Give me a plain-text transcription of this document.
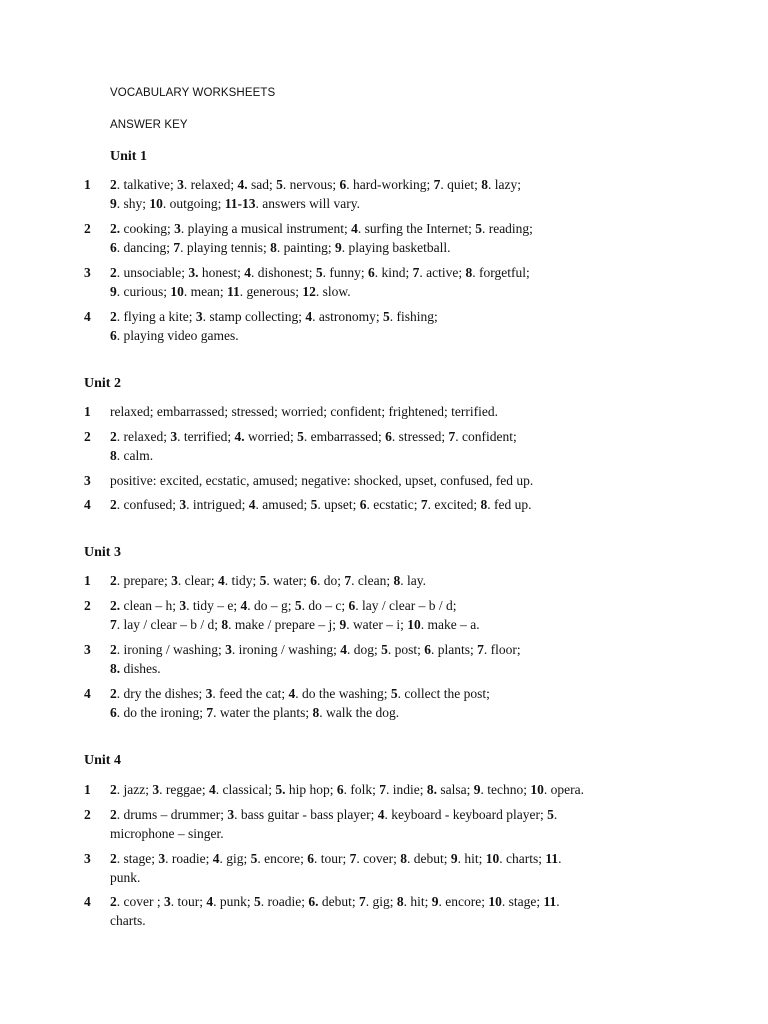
VOCABULARY WORKSHEETS
ANSWER KEY
Unit 1
1 2. talkative; 3. relaxed; 4. sad; 5. nervous; 6. hard-working; 7. quiet; 8. lazy;
9. shy; 10. outgoing; 11-13. answers will vary.
2 2. cooking; 3. playing a musical instrument; 4. surfing the Internet; 5. reading;
6. dancing; 7. playing tennis; 8. painting; 9. playing basketball.
3 2. unsociable; 3. honest; 4. dishonest; 5. funny; 6. kind; 7. active; 8. forgetful;
9. curious; 10. mean; 11. generous; 12. slow.
4 2. flying a kite; 3. stamp collecting; 4. astronomy; 5. fishing;
6. playing video games.
Unit 2
1 relaxed; embarrassed; stressed; worried; confident; frightened; terrified.
2 2. relaxed; 3. terrified; 4. worried; 5. embarrassed; 6. stressed; 7. confident;
8. calm.
3 positive: excited, ecstatic, amused; negative: shocked, upset, confused, fed up.
4 2. confused; 3. intrigued; 4. amused; 5. upset; 6. ecstatic; 7. excited; 8. fed up.
Unit 3
1 2. prepare; 3. clear; 4. tidy; 5. water; 6. do; 7. clean; 8. lay.
2 2. clean – h; 3. tidy – e; 4. do – g; 5. do – c; 6. lay / clear – b / d;
7. lay / clear – b / d; 8. make / prepare – j; 9. water – i; 10. make – a.
3 2. ironing / washing; 3. ironing / washing; 4. dog; 5. post; 6. plants; 7. floor;
8. dishes.
4 2. dry the dishes; 3. feed the cat; 4. do the washing; 5. collect the post;
6. do the ironing; 7. water the plants; 8. walk the dog.
Unit 4
1 2. jazz; 3. reggae; 4. classical; 5. hip hop; 6. folk; 7. indie; 8. salsa; 9. techno; 10. opera.
2 2. drums – drummer; 3. bass guitar - bass player; 4. keyboard - keyboard player; 5.
microphone – singer.
3 2. stage; 3. roadie; 4. gig; 5. encore; 6. tour; 7. cover; 8. debut; 9. hit; 10. charts; 11.
punk.
4 2. cover ; 3. tour; 4. punk; 5. roadie; 6. debut; 7. gig; 8. hit; 9. encore; 10. stage; 11.
charts.
